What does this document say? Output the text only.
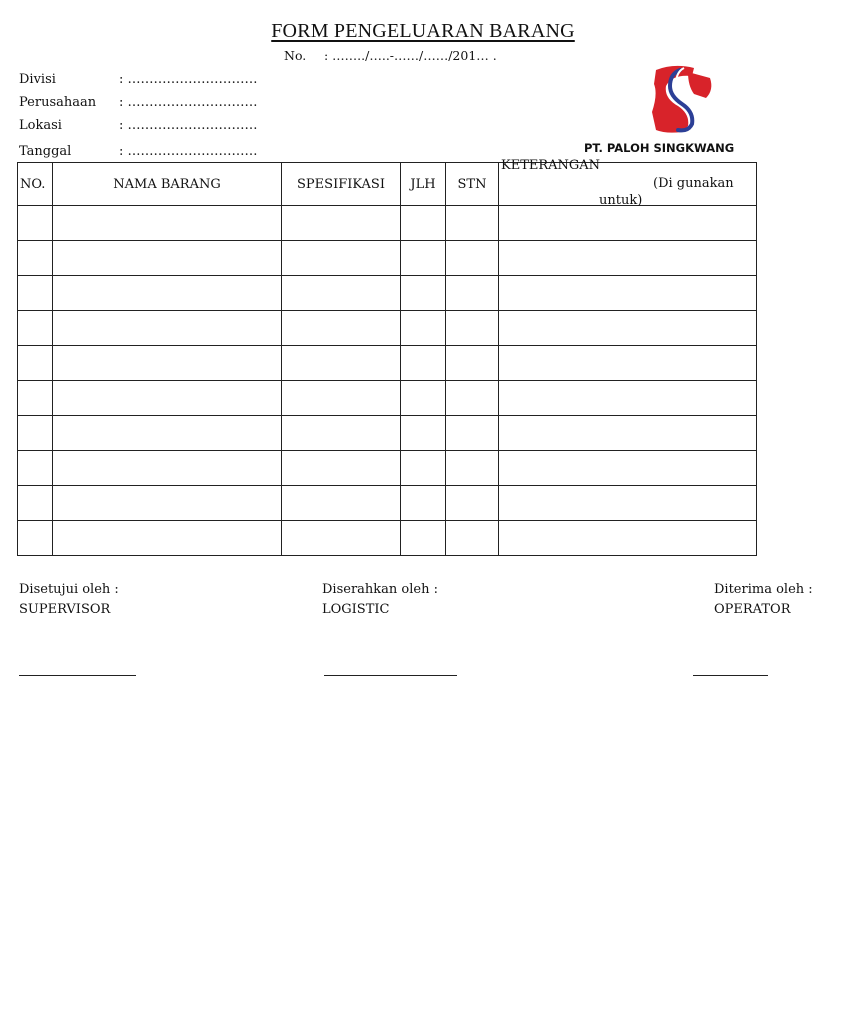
FORM PENGELUARAN BARANG
No. : ……../…..-……/……/201… .
Divisi	: …………………………
Perusahaan : …………………………
Lokasi	: …………………………
Tanggal	: …………………………	PT. PALOH SINGKWANG
NO.	NAMA BARANG	SPESIFIKASI	JLH	STN	KETERANGAN
(Di gunakan
untuk)

Disetujui oleh :
SUPERVISOR
Diserahkan oleh :
LOGISTIC
Diterima oleh :
OPERATOR
